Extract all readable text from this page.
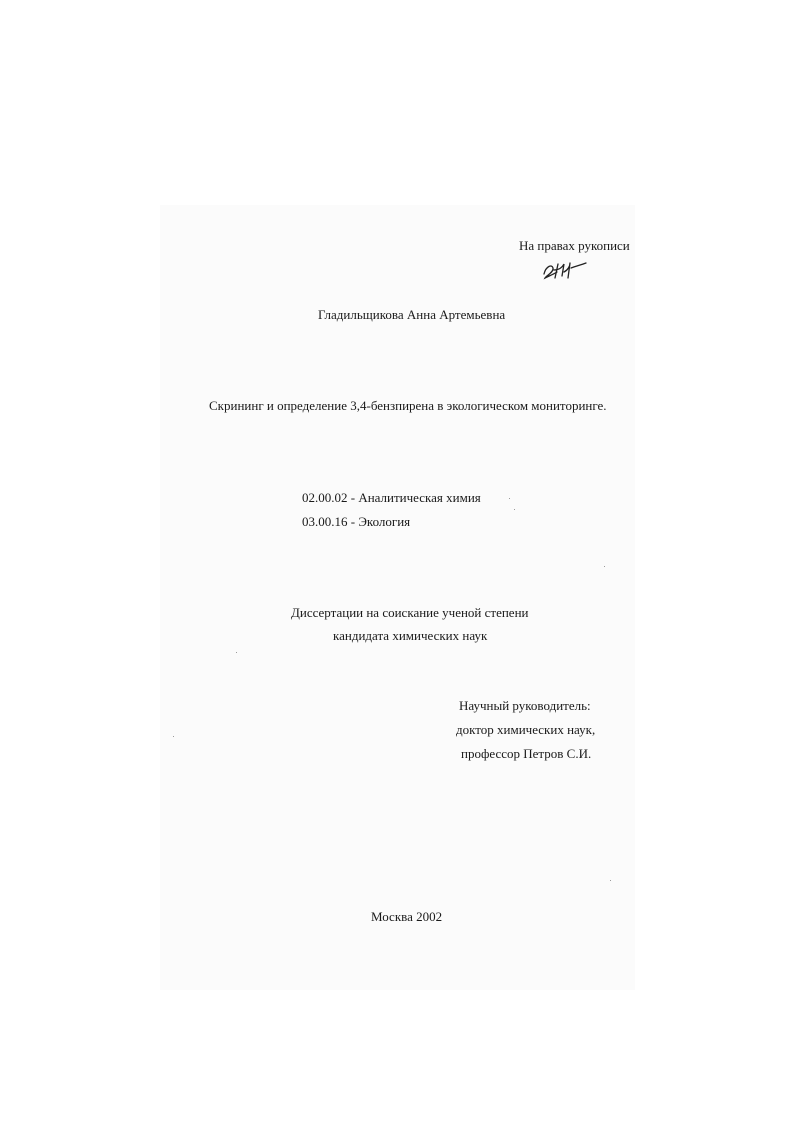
На правах рукописи
Гладильщикова Анна Артемьевна
Скрининг и определение 3,4-бензпирена в экологическом мониторинге.
02.00.02 - Аналитическая химия
03.00.16 - Экология
Диссертации на соискание ученой степени
кандидата химических наук
Научный руководитель:
доктор химических наук,
профессор Петров С.И.
Москва 2002
